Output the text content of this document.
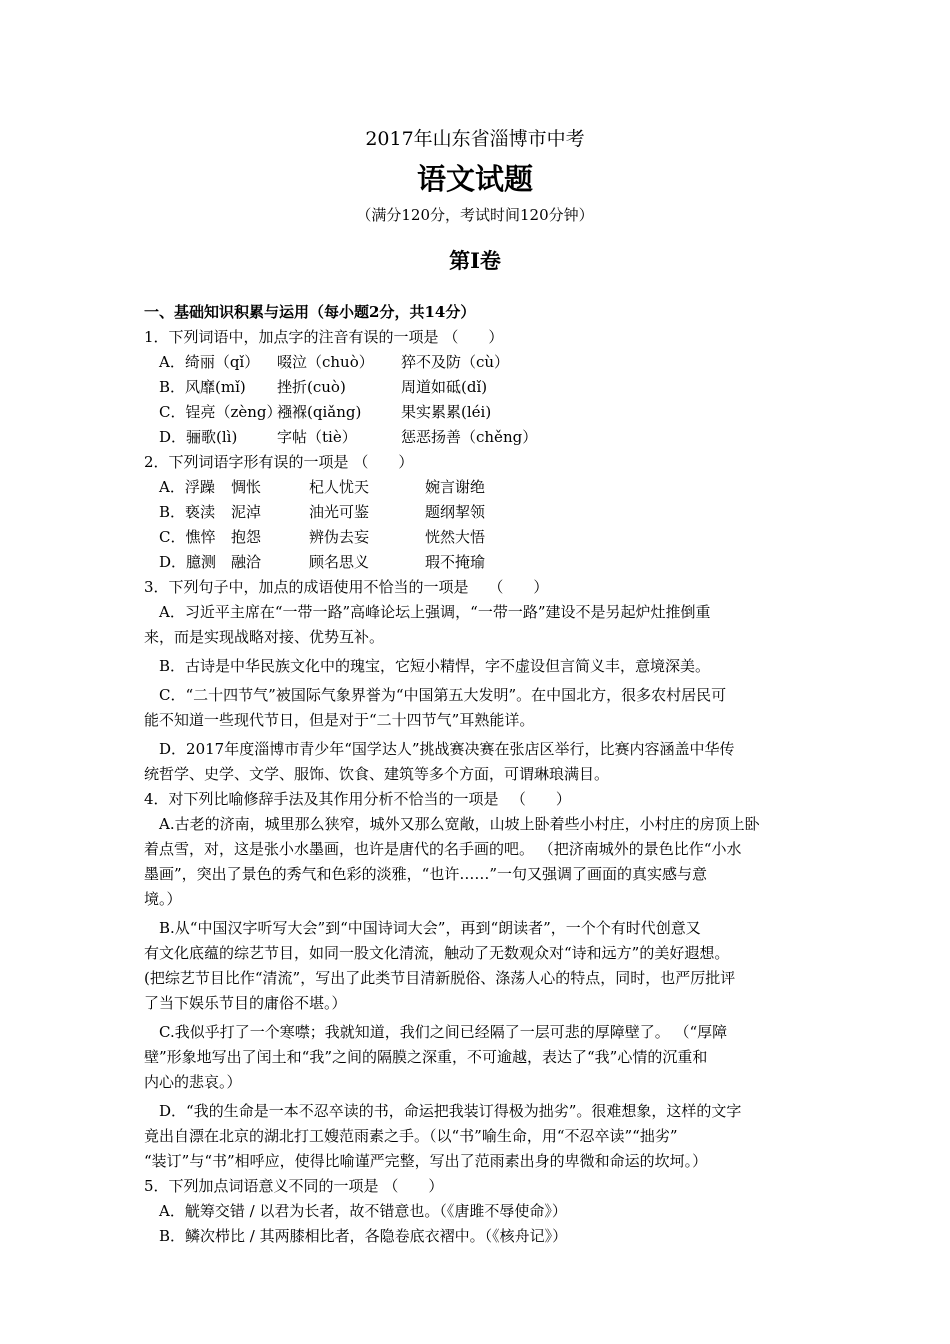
2017年山东省淄博市中考
语文试题
（满分120分，考试时间120分钟）
第Ⅰ卷
一、基础知识积累与运用（每小题2分，共14分）
1．下列词语中，加点字的注音有误的一项是 （　　）
A．绮丽（qǐ） 啜泣（chuò） 猝不及防（cù）
B．风靡(mǐ) 挫折(cuò)	周道如砥(dǐ)
C．锃亮（zèng）襁褓(qiǎng)	果实累累(léi)
D．骊歌(lì)	字帖（tiè）	惩恶扬善（chěng）
2．下列词语字形有误的一项是 （　　）
A．浮躁 惆怅	杞人忧天	婉言谢绝
B．亵渎 泥淖	油光可鉴	题纲挈领
C．憔悴 抱怨	辨伪去妄	恍然大悟
D．臆测 融洽	顾名思义	瑕不掩瑜
3．下列句子中，加点的成语使用不恰当的一项是　 （　　）
A．习近平主席在“一带一路”高峰论坛上强调，“一带一路”建设不是另起炉灶推倒重
来，而是实现战略对接、优势互补。
B．古诗是中华民族文化中的瑰宝，它短小精悍，字不虚设但言简义丰，意境深美。
C．“二十四节气”被国际气象界誉为“中国第五大发明”。在中国北方，很多农村居民可
能不知道一些现代节日，但是对于“二十四节气”耳熟能详。
D．2017年度淄博市青少年“国学达人”挑战赛决赛在张店区举行，比赛内容涵盖中华传
统哲学、史学、文学、服饰、饮食、建筑等多个方面，可谓琳琅满目。
4．对下列比喻修辞手法及其作用分析不恰当的一项是 　（　　）
A.古老的济南，城里那么狭窄，城外又那么宽敞，山坡上卧着些小村庄，小村庄的房顶上卧
着点雪，对，这是张小水墨画，也许是唐代的名手画的吧。 （把济南城外的景色比作“小水
墨画”，突出了景色的秀气和色彩的淡雅，“也许……”一句又强调了画面的真实感与意
境。）
B.从“中国汉字听写大会”到“中国诗词大会”，再到“朗读者”，一个个有时代创意又
有文化底蕴的综艺节目，如同一股文化清流，触动了无数观众对“诗和远方”的美好遐想。
(把综艺节目比作“清流”，写出了此类节目清新脱俗、涤荡人心的特点，同时，也严厉批评
了当下娱乐节目的庸俗不堪。）
C.我似乎打了一个寒噤；我就知道，我们之间已经隔了一层可悲的厚障壁了。 （“厚障
壁”形象地写出了闰土和“我”之间的隔膜之深重，不可逾越，表达了“我”心情的沉重和
内心的悲哀。）
D．“我的生命是一本不忍卒读的书，命运把我装订得极为拙劣”。很难想象，这样的文字
竟出自漂在北京的湖北打工嫂范雨素之手。（以“书”喻生命，用“不忍卒读”“拙劣”
“装订”与“书”相呼应，使得比喻谨严完整，写出了范雨素出身的卑微和命运的坎坷。）
5．下列加点词语意义不同的一项是 （　　）
A．觥筹交错 / 以君为长者，故不错意也。（《唐雎不辱使命》）
B．鳞次栉比 / 其两膝相比者，各隐卷底衣褶中。（《核舟记》）
